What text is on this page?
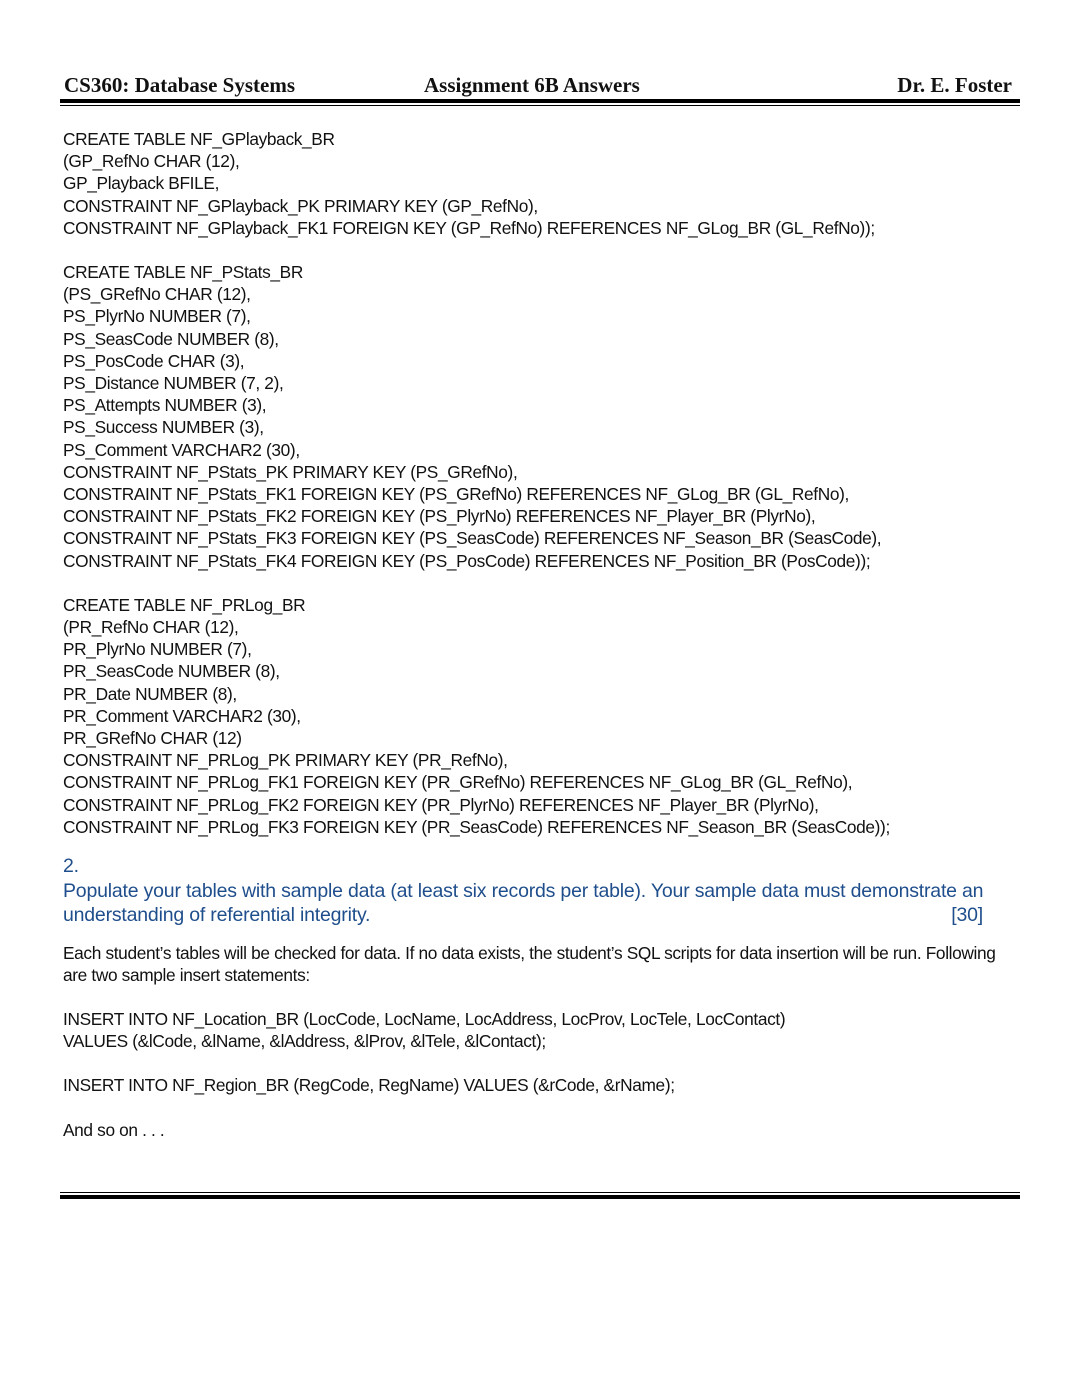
CS360: Database Systems	Assignment 6B Answers	Dr. E. Foster
CREATE TABLE NF_GPlayback_BR
(GP_RefNo CHAR (12),
GP_Playback BFILE,
CONSTRAINT NF_GPlayback_PK PRIMARY KEY (GP_RefNo),
CONSTRAINT NF_GPlayback_FK1 FOREIGN KEY (GP_RefNo) REFERENCES NF_GLog_BR (GL_RefNo));
CREATE TABLE NF_PStats_BR
(PS_GRefNo CHAR (12),
PS_PlyrNo NUMBER (7),
PS_SeasCode NUMBER (8),
PS_PosCode CHAR (3),
PS_Distance NUMBER (7, 2),
PS_Attempts NUMBER (3),
PS_Success NUMBER (3),
PS_Comment VARCHAR2 (30),
CONSTRAINT NF_PStats_PK PRIMARY KEY (PS_GRefNo),
CONSTRAINT NF_PStats_FK1 FOREIGN KEY (PS_GRefNo) REFERENCES NF_GLog_BR (GL_RefNo),
CONSTRAINT NF_PStats_FK2 FOREIGN KEY (PS_PlyrNo) REFERENCES NF_Player_BR (PlyrNo),
CONSTRAINT NF_PStats_FK3 FOREIGN KEY (PS_SeasCode) REFERENCES NF_Season_BR (SeasCode),
CONSTRAINT NF_PStats_FK4 FOREIGN KEY (PS_PosCode) REFERENCES NF_Position_BR (PosCode));
CREATE TABLE NF_PRLog_BR
(PR_RefNo CHAR (12),
PR_PlyrNo NUMBER (7),
PR_SeasCode NUMBER (8),
PR_Date NUMBER (8),
PR_Comment VARCHAR2 (30),
PR_GRefNo CHAR (12)
CONSTRAINT NF_PRLog_PK PRIMARY KEY (PR_RefNo),
CONSTRAINT NF_PRLog_FK1 FOREIGN KEY (PR_GRefNo) REFERENCES NF_GLog_BR (GL_RefNo),
CONSTRAINT NF_PRLog_FK2 FOREIGN KEY (PR_PlyrNo) REFERENCES NF_Player_BR (PlyrNo),
CONSTRAINT NF_PRLog_FK3 FOREIGN KEY (PR_SeasCode) REFERENCES NF_Season_BR (SeasCode));
2.
Populate your tables with sample data (at least six records per table). Your sample data must demonstrate an
understanding of referential integrity.	[30]
Each student’s tables will be checked for data. If no data exists, the student’s SQL scripts for data insertion will be run. Following are two sample insert statements:
INSERT INTO NF_Location_BR (LocCode, LocName, LocAddress, LocProv, LocTele, LocContact)
VALUES (&lCode, &lName, &lAddress, &lProv, &lTele, &lContact);
INSERT INTO NF_Region_BR (RegCode, RegName) VALUES (&rCode, &rName);
And so on . . .
